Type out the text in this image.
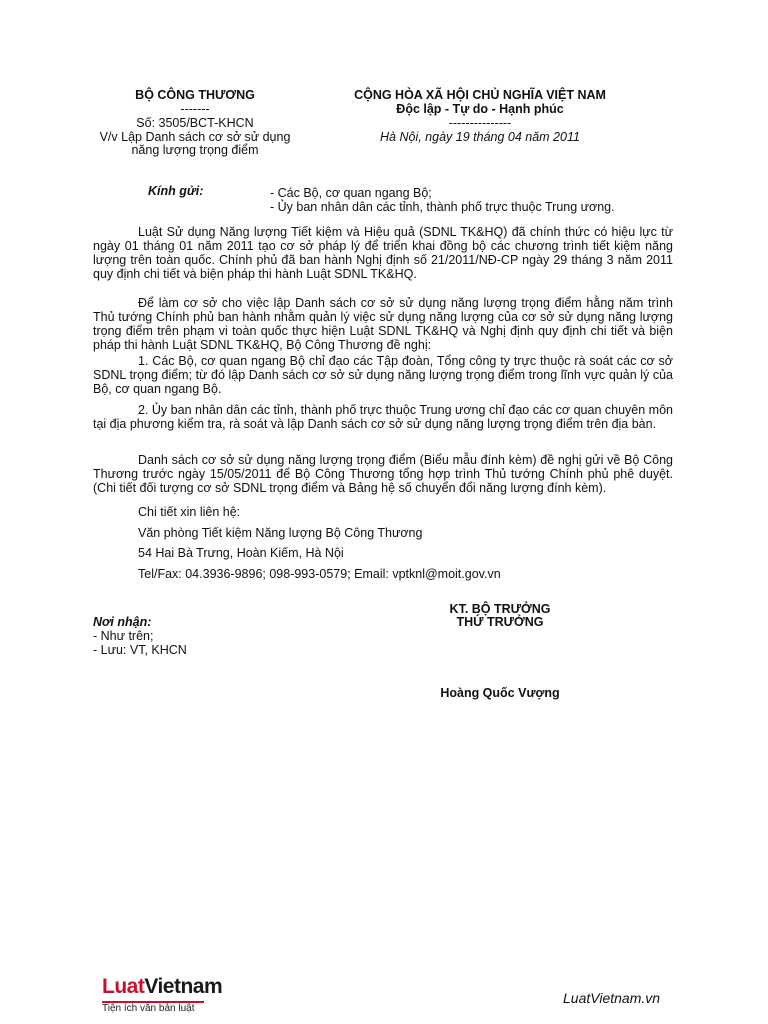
BỘ CÔNG THƯƠNG
-------
Số: 3505/BCT-KHCN
V/v Lập Danh sách cơ sở sử dụng
năng lượng trọng điểm
CỘNG HÒA XÃ HỘI CHỦ NGHĨA VIỆT NAM
Độc lập - Tự do - Hạnh phúc
---------------
Hà Nội, ngày 19 tháng 04 năm 2011
Kính gửi:	- Các Bộ, cơ quan ngang Bộ;
- Ủy ban nhân dân các tỉnh, thành phố trực thuộc Trung ương.
Luật Sử dụng Năng lượng Tiết kiệm và Hiệu quả (SDNL TK&HQ) đã chính thức có hiệu lực từ ngày 01 tháng 01 năm 2011 tạo cơ sở pháp lý để triển khai đồng bộ các chương trình tiết kiệm năng lượng trên toàn quốc. Chính phủ đã ban hành Nghị định số 21/2011/NĐ-CP ngày 29 tháng 3 năm 2011 quy định chi tiết và biện pháp thi hành Luật SDNL TK&HQ.
Để làm cơ sở cho việc lập Danh sách cơ sở sử dụng năng lượng trọng điểm hằng năm trình Thủ tướng Chính phủ ban hành nhằm quản lý việc sử dụng năng lượng của cơ sở sử dụng năng lượng trọng điểm trên phạm vi toàn quốc thực hiện Luật SDNL TK&HQ và Nghị định quy định chi tiết và biện pháp thi hành Luật SDNL TK&HQ, Bộ Công Thương đề nghị:
1. Các Bộ, cơ quan ngang Bộ chỉ đạo các Tập đoàn, Tổng công ty trực thuộc rà soát các cơ sở SDNL trọng điểm; từ đó lập Danh sách cơ sở sử dụng năng lượng trọng điểm trong lĩnh vực quản lý của Bộ, cơ quan ngang Bộ.
2. Ủy ban nhân dân các tỉnh, thành phố trực thuộc Trung ương chỉ đạo các cơ quan chuyên môn tại địa phương kiểm tra, rà soát và lập Danh sách cơ sở sử dụng năng lượng trọng điểm trên địa bàn.
Danh sách cơ sở sử dụng năng lượng trọng điểm (Biểu mẫu đính kèm) đề nghị gửi về Bộ Công Thương trước ngày 15/05/2011 để Bộ Công Thương tổng hợp trình Thủ tướng Chính phủ phê duyệt. (Chi tiết đối tượng cơ sở SDNL trọng điểm và Bảng hệ số chuyển đổi năng lượng đính kèm).
Chi tiết xin liên hệ:
Văn phòng Tiết kiệm Năng lượng Bộ Công Thương
54 Hai Bà Trưng, Hoàn Kiếm, Hà Nội
Tel/Fax: 04.3936-9896; 098-993-0579; Email: vptknl@moit.gov.vn
KT. BỘ TRƯỞNG
THỨ TRƯỞNG
Hoàng Quốc Vượng
Nơi nhận:
- Như trên;
- Lưu: VT, KHCN
LuatVietnam
Tiện ích văn bản luật
LuatVietnam.vn
